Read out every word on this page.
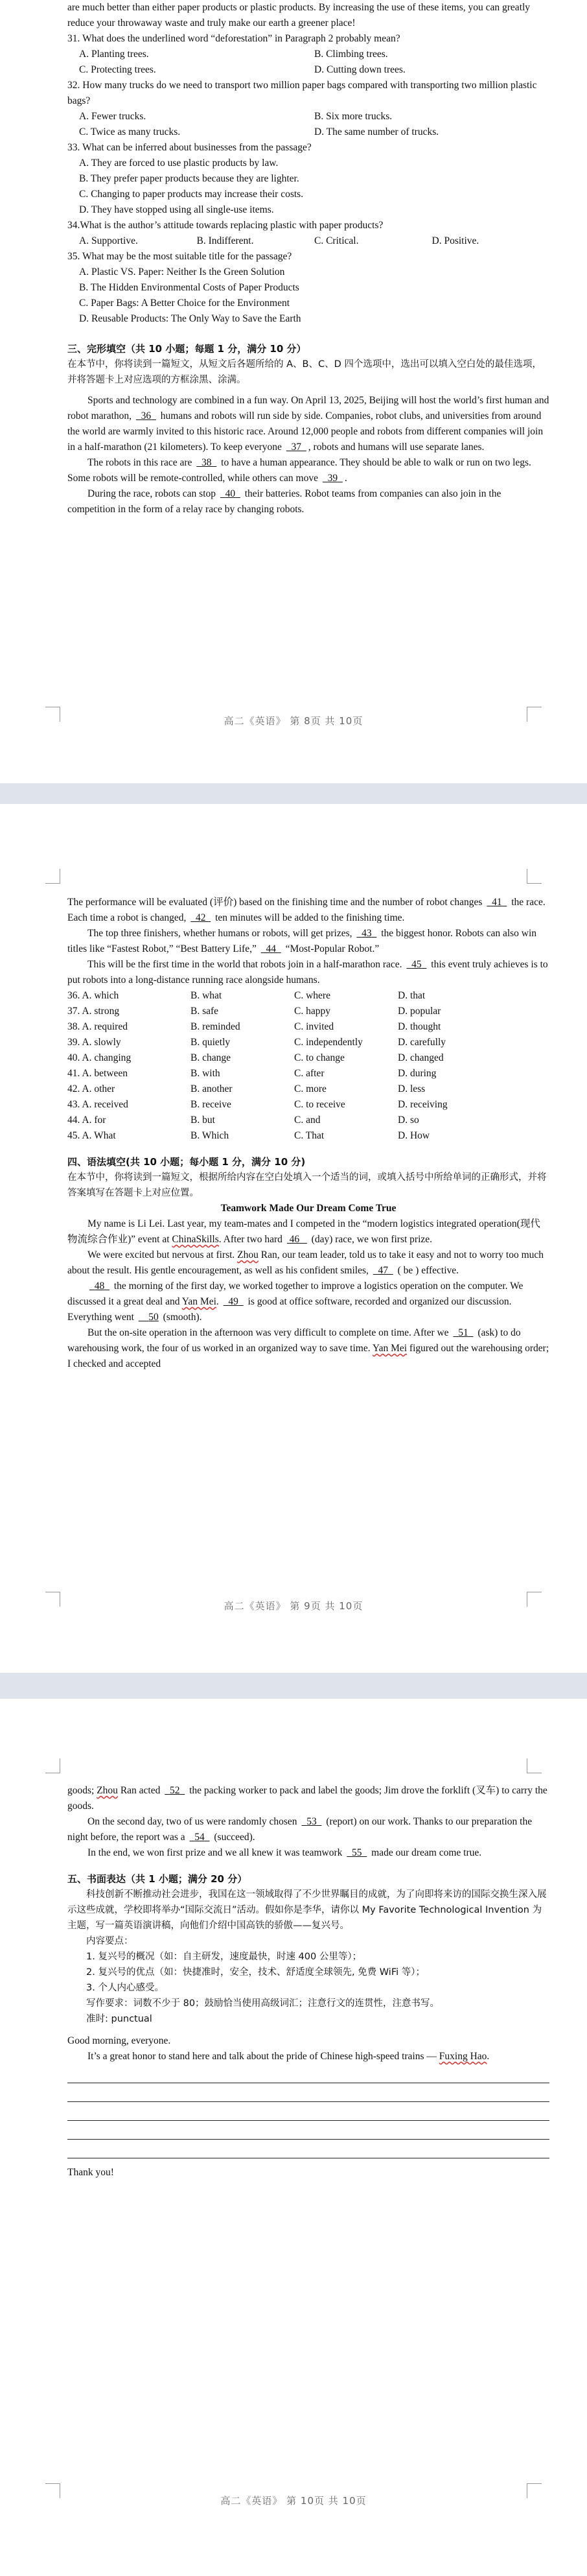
are much better than either paper products or plastic products. By increasing the use of these items, you can greatly reduce your throwaway waste and truly make our earth a greener place!

31. What does the underlined word “deforestation” in Paragraph 2 probably mean?

A. Planting trees.	B. Climbing trees.
C. Protecting trees.	D. Cutting down trees.

32. How many trucks do we need to transport two million paper bags compared with transporting two million plastic bags?

A. Fewer trucks.	B. Six more trucks.
C. Twice as many trucks.	D. The same number of trucks.

33. What can be inferred about businesses from the passage?

A. They are forced to use plastic products by law.
B. They prefer paper products because they are lighter.
C. Changing to paper products may increase their costs.
D. They have stopped using all single-use items.

34.What is the author’s attitude towards replacing plastic with paper products?

A. Supportive.	B. Indifferent.	C. Critical.	D. Positive.

35. What may be the most suitable title for the passage?

A. Plastic VS. Paper: Neither Is the Green Solution
B. The Hidden Environmental Costs of Paper Products
C. Paper Bags: A Better Choice for the Environment
D. Reusable Products: The Only Way to Save the Earth

三、完形填空（共 10 小题；每题 1 分，满分 10 分）

在本节中，你将读到一篇短文，从短文后各题所给的 A、B、C、D 四个选项中，选出可以填入空白处的最佳选项，并将答题卡上对应选项的方框涂黑、涂满。

Sports and technology are combined in a fun way. On April 13, 2025, Beijing will host the world’s first human and robot marathon, 36 humans and robots will run side by side. Companies, robot clubs, and universities from around the world are warmly invited to this historic race. Around 12,000 people and robots from different companies will join in a half-marathon (21 kilometers). To keep everyone 37 , robots and humans will use separate lanes.

The robots in this race are 38 to have a human appearance. They should be able to walk or run on two legs. Some robots will be remote-controlled, while others can move 39 .

During the race, robots can stop 40 their batteries. Robot teams from companies can also join in the competition in the form of a relay race by changing robots.

高二《英语》 第 8页 共 10页

The performance will be evaluated (评价) based on the finishing time and the number of robot changes 41 the race. Each time a robot is changed, 42 ten minutes will be added to the finishing time.

The top three finishers, whether humans or robots, will get prizes, 43 the biggest honor. Robots can also win titles like “Fastest Robot,” “Best Battery Life,” 44 “Most-Popular Robot.”

This will be the first time in the world that robots join in a half-marathon race. 45 this event truly achieves is to put robots into a long-distance running race alongside humans.

36. A. which	B. what	C. where	D. that
37. A. strong	B. safe	C. happy	D. popular
38. A. required	B. reminded	C. invited	D. thought
39. A. slowly	B. quietly	C. independently	D. carefully
40. A. changing	B. change	C. to change	D. changed
41. A. between	B. with	C. after	D. during
42. A. other	B. another	C. more	D. less
43. A. received	B. receive	C. to receive	D. receiving
44. A. for	B. but	C. and	D. so
45. A. What	B. Which	C. That	D. How

四、语法填空(共 10 小题；每小题 1 分，满分 10 分)

在本节中，你将读到一篇短文，根据所给内容在空白处填入一个适当的词，或填入括号中所给单词的正确形式，并将答案填写在答题卡上对应位置。

Teamwork Made Our Dream Come True

My name is Li Lei. Last year, my team-mates and I competed in the “modern logistics integrated operation(现代物流综合作业)” event at ChinaSkills. After two hard 46 (day) race, we won first prize.

We were excited but nervous at first. Zhou Ran, our team leader, told us to take it easy and not to worry too much about the result. His gentle encouragement, as well as his confident smiles, 47 ( be ) effective.

48 the morning of the first day, we worked together to improve a logistics operation on the computer. We discussed it a great deal and Yan Mei. 49 is good at office software, recorded and organized our discussion. Everything went 50 (smooth).

But the on-site operation in the afternoon was very difficult to complete on time. After we 51 (ask) to do warehousing work, the four of us worked in an organized way to save time. Yan Mei figured out the warehousing order; I checked and accepted

高二《英语》 第 9页 共 10页

goods; Zhou Ran acted 52 the packing worker to pack and label the goods; Jim drove the forklift (叉车) to carry the goods.

On the second day, two of us were randomly chosen 53 (report) on our work. Thanks to our preparation the night before, the report was a 54 (succeed).

In the end, we won first prize and we all knew it was teamwork 55 made our dream come true.

五、书面表达（共 1 小题；满分 20 分）

科技创新不断推动社会进步，我国在这一领域取得了不少世界瞩目的成就，为了向即将来访的国际交换生深入展示这些成就，学校即将举办“国际交流日”活动。假如你是李华，请你以 My Favorite Technological Invention 为主题，写一篇英语演讲稿，向他们介绍中国高铁的骄傲——复兴号。

内容要点：

1. 复兴号的概况（如：自主研发，速度最快，时速 400 公里等）；

2. 复兴号的优点（如：快捷准时，安全，技术、舒适度全球领先, 免费 WiFi 等）；

3. 个人内心感受。

写作要求：词数不少于 80；鼓励恰当使用高级词汇；注意行文的连贯性，注意书写。

准时: punctual

Good morning, everyone.

It’s a great honor to stand here and talk about the pride of Chinese high-speed trains — Fuxing Hao.

Thank you!

高二《英语》 第 10页 共 10页
